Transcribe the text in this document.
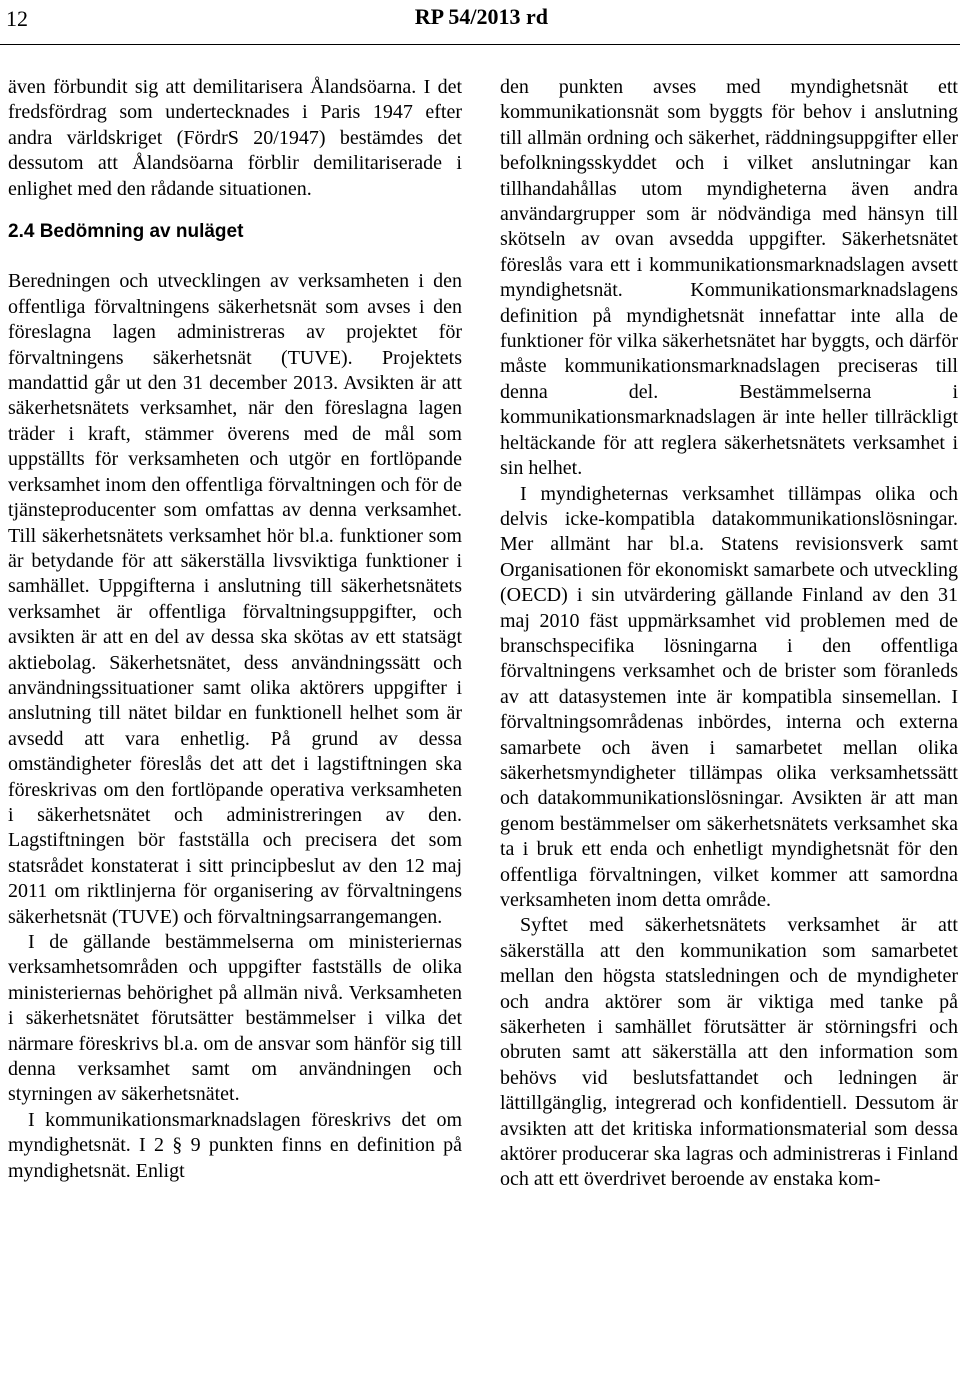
12	RP 54/2013 rd

även förbundit sig att demilitarisera Ålandsöarna. I det fredsfördrag som undertecknades i Paris 1947 efter andra världskriget (FördrS 20/1947) bestämdes det dessutom att Ålandsöarna förblir demilitariserade i enlighet med den rådande situationen.

2.4 Bedömning av nuläget

Beredningen och utvecklingen av verksamheten i den offentliga förvaltningens säkerhetsnät som avses i den föreslagna lagen administreras av projektet för förvaltningens säkerhetsnät (TUVE). Projektets mandattid går ut den 31 december 2013. Avsikten är att säkerhetsnätets verksamhet, när den föreslagna lagen träder i kraft, stämmer överens med de mål som uppställts för verksamheten och utgör en fortlöpande verksamhet inom den offentliga förvaltningen och för de tjänsteproducenter som omfattas av denna verksamhet. Till säkerhetsnätets verksamhet hör bl.a. funktioner som är betydande för att säkerställa livsviktiga funktioner i samhället. Uppgifterna i anslutning till säkerhetsnätets verksamhet är offentliga förvaltningsuppgifter, och avsikten är att en del av dessa ska skötas av ett statsägt aktiebolag. Säkerhetsnätet, dess användningssätt och användningssituationer samt olika aktörers uppgifter i anslutning till nätet bildar en funktionell helhet som är avsedd att vara enhetlig. På grund av dessa omständigheter föreslås det att det i lagstiftningen ska föreskrivas om den fortlöpande operativa verksamheten i säkerhetsnätet och administreringen av den. Lagstiftningen bör fastställa och precisera det som statsrådet konstaterat i sitt principbeslut av den 12 maj 2011 om riktlinjerna för organisering av förvaltningens säkerhetsnät (TUVE) och förvaltningsarrangemangen.

I de gällande bestämmelserna om ministeriernas verksamhetsområden och uppgifter fastställs de olika ministeriernas behörighet på allmän nivå. Verksamheten i säkerhetsnätet förutsätter bestämmelser i vilka det närmare föreskrivs bl.a. om de ansvar som hänför sig till denna verksamhet samt om användningen och styrningen av säkerhetsnätet.

I kommunikationsmarknadslagen föreskrivs det om myndighetsnät. I 2 § 9 punkten finns en definition på myndighetsnät. Enligt

den punkten avses med myndighetsnät ett kommunikationsnät som byggts för behov i anslutning till allmän ordning och säkerhet, räddningsuppgifter eller befolkningsskyddet och i vilket anslutningar kan tillhandahållas utom myndigheterna även andra användargrupper som är nödvändiga med hänsyn till skötseln av ovan avsedda uppgifter. Säkerhetsnätet föreslås vara ett i kommunikationsmarknadslagen avsett myndighetsnät. Kommunikationsmarknadslagens definition på myndighetsnät innefattar inte alla de funktioner för vilka säkerhetsnätet har byggts, och därför måste kommunikationsmarknadslagen preciseras till denna del. Bestämmelserna i kommunikationsmarknadslagen är inte heller tillräckligt heltäckande för att reglera säkerhetsnätets verksamhet i sin helhet.

I myndigheternas verksamhet tillämpas olika och delvis icke-kompatibla datakommunikationslösningar. Mer allmänt har bl.a. Statens revisionsverk samt Organisationen för ekonomiskt samarbete och utveckling (OECD) i sin utvärdering gällande Finland av den 31 maj 2010 fäst uppmärksamhet vid problemen med de branschspecifika lösningarna i den offentliga förvaltningens verksamhet och de brister som föranleds av att datasystemen inte är kompatibla sinsemellan. I förvaltningsområdenas inbördes, interna och externa samarbete och även i samarbetet mellan olika säkerhetsmyndigheter tillämpas olika verksamhetssätt och datakommunikationslösningar. Avsikten är att man genom bestämmelser om säkerhetsnätets verksamhet ska ta i bruk ett enda och enhetligt myndighetsnät för den offentliga förvaltningen, vilket kommer att samordna verksamheten inom detta område.

Syftet med säkerhetsnätets verksamhet är att säkerställa att den kommunikation som samarbetet mellan den högsta statsledningen och de myndigheter och andra aktörer som är viktiga med tanke på säkerheten i samhället förutsätter är störningsfri och obruten samt att säkerställa att den information som behövs vid beslutsfattandet och ledningen är lättillgänglig, integrerad och konfidentiell. Dessutom är avsikten att det kritiska informationsmaterial som dessa aktörer producerar ska lagras och administreras i Finland och att ett överdrivet beroende av enstaka kom-
